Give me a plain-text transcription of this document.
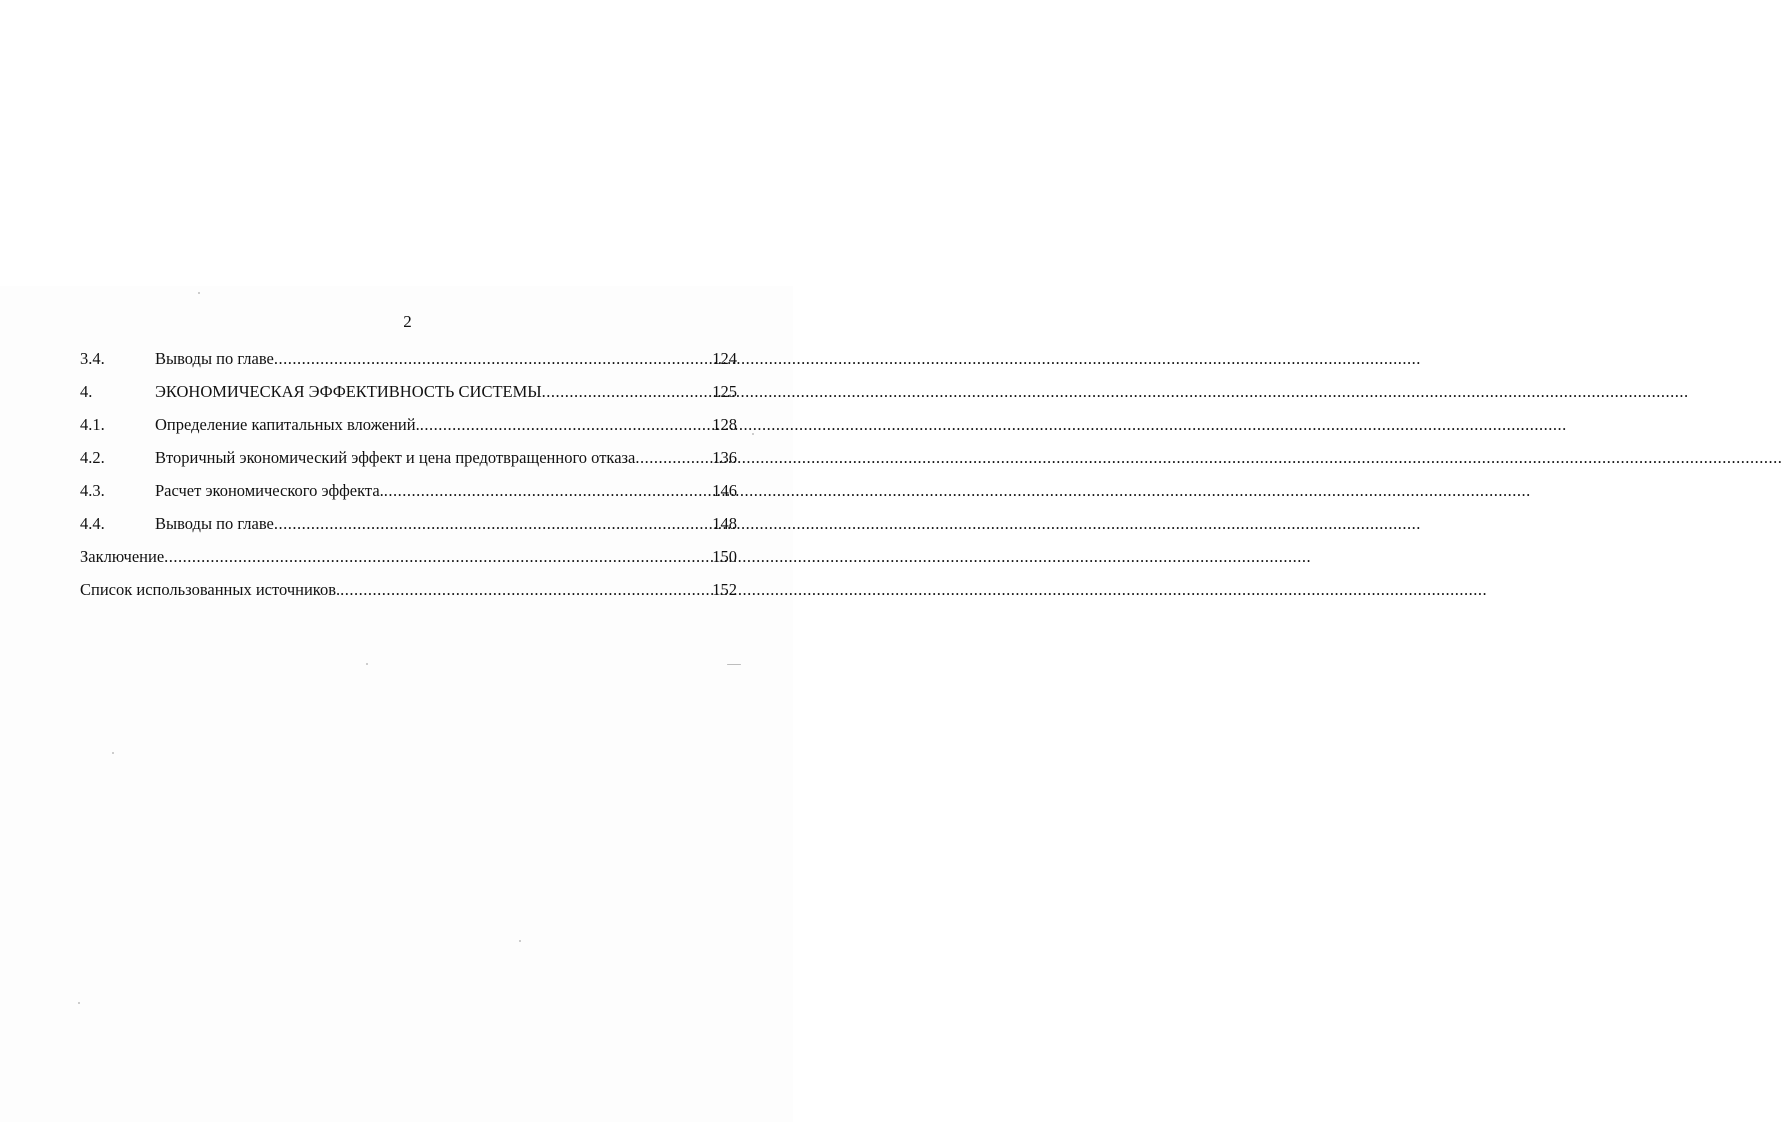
2
3.4.	Выводы по главе .....	124
4.	ЭКОНОМИЧЕСКАЯ ЭФФЕКТИВНОСТЬ СИСТЕМЫ .....	125
4.1.	Определение капитальных вложений. .....	128
4.2.	Вторичный экономический эффект и цена предотвращенного отказа .....	136
4.3.	Расчет экономического эффекта. .....	146
4.4.	Выводы по главе .....	148
Заключение .....	150
Список использованных источников. .....	152
